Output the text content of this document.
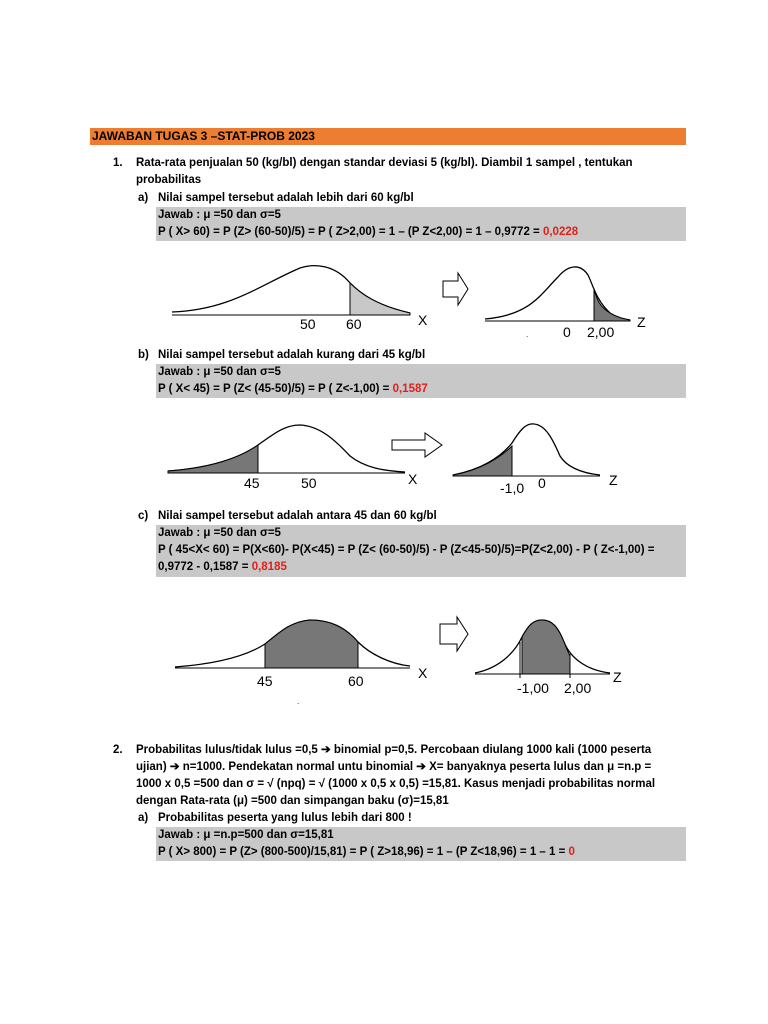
JAWABAN TUGAS 3 –STAT-PROB 2023
1. Rata-rata penjualan 50 (kg/bl) dengan standar deviasi 5 (kg/bl). Diambil 1 sampel , tentukan
probabilitas
a) Nilai sampel tersebut adalah lebih dari 60 kg/bl
Jawab : μ =50 dan σ=5
P ( X> 60) = P (Z> (60-50)/5) = P ( Z>2,00) = 1 – (P Z<2,00) = 1 – 0,9772 = 0,0228
50 60	X
. 0 2,00
Z
b) Nilai sampel tersebut adalah kurang dari 45 kg/bl
Jawab : μ =50 dan σ=5
P ( X< 45) = P (Z< (45-50)/5) = P ( Z<-1,00) = 0,1587
45	50	X
-1,0 0	Z
c) Nilai sampel tersebut adalah antara 45 dan 60 kg/bl
Jawab : μ =50 dan σ=5
P ( 45<X< 60) = P(X<60)- P(X<45) = P (Z< (60-50)/5) - P (Z<45-50)/5)=P(Z<2,00) - P ( Z<-1,00) =
0,9772 - 0,1587 = 0,8185
45	60	X
.
-1,00 2,00
Z
2. Probabilitas lulus/tidak lulus =0,5 ➔ binomial p=0,5. Percobaan diulang 1000 kali (1000 peserta
ujian) ➔ n=1000. Pendekatan normal untu binomial ➔ X= banyaknya peserta lulus dan μ =n.p =
1000 x 0,5 =500 dan σ = √ (npq) = √ (1000 x 0,5 x 0,5) =15,81. Kasus menjadi probabilitas normal
dengan Rata-rata (μ) =500 dan simpangan baku (σ)=15,81
a) Probabilitas peserta yang lulus lebih dari 800 !
Jawab : μ =n.p=500 dan σ=15,81
P ( X> 800) = P (Z> (800-500)/15,81) = P ( Z>18,96) = 1 – (P Z<18,96) = 1 – 1 = 0
